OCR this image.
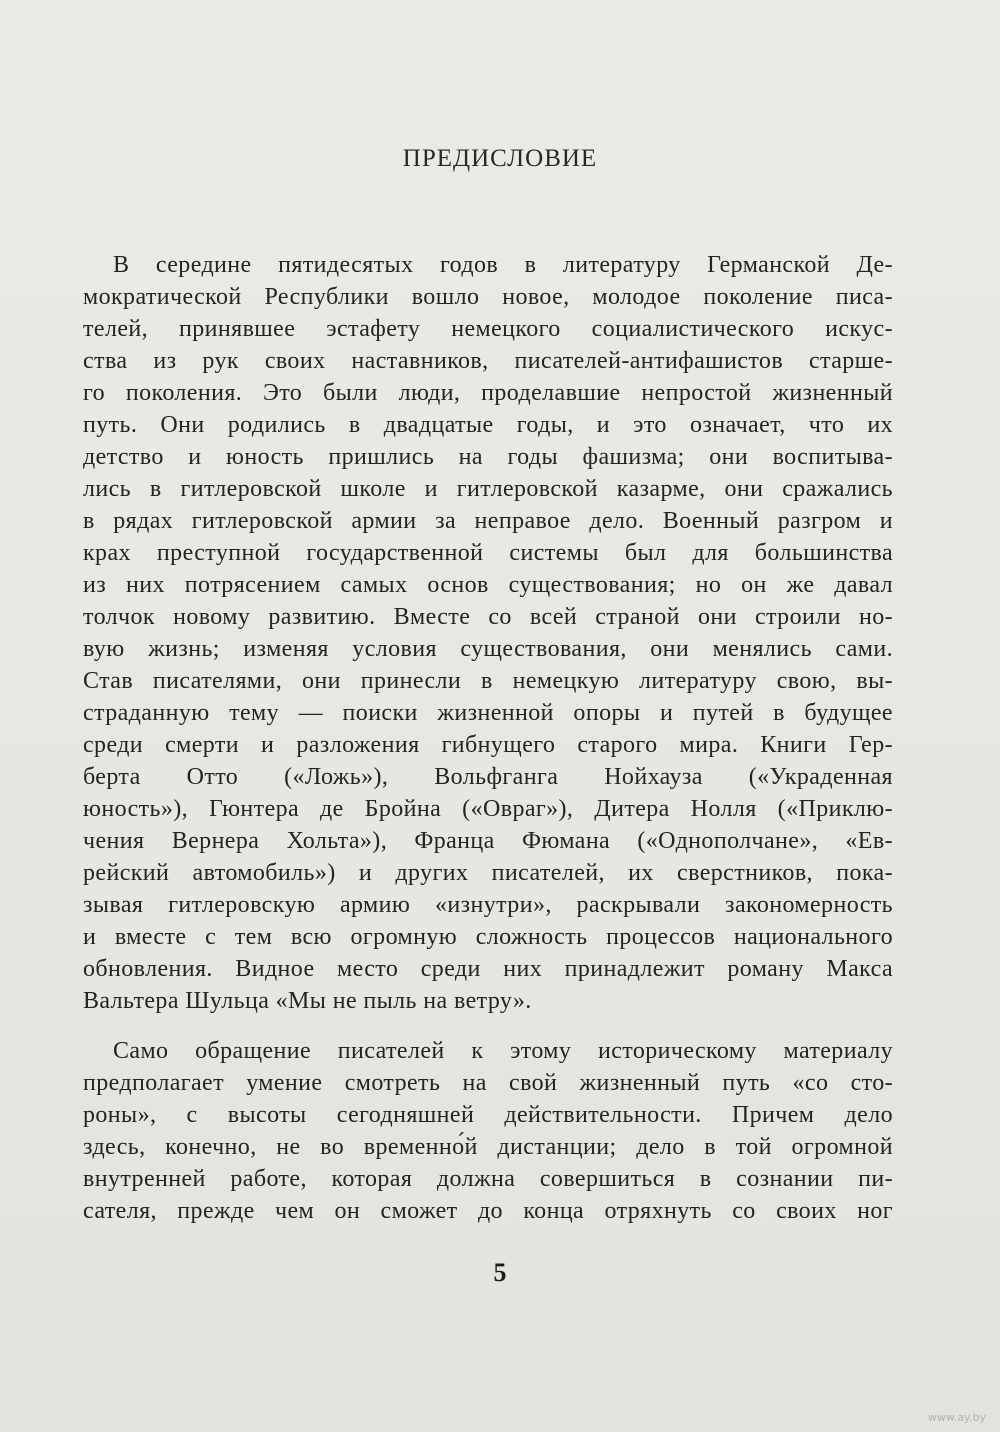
ПРЕДИСЛОВИЕ
В середине пятидесятых годов в литературу Германской Де-
мократической Республики вошло новое, молодое поколение писа-
телей, принявшее эстафету немецкого социалистического искус-
ства из рук своих наставников, писателей-антифашистов старше-
го поколения. Это были люди, проделавшие непростой жизненный
путь. Они родились в двадцатые годы, и это означает, что их
детство и юность пришлись на годы фашизма; они воспитыва-
лись в гитлеровской школе и гитлеровской казарме, они сражались
в рядах гитлеровской армии за неправое дело. Военный разгром и
крах преступной государственной системы был для большинства
из них потрясением самых основ существования; но он же давал
толчок новому развитию. Вместе со всей страной они строили но-
вую жизнь; изменяя условия существования, они менялись сами.
Став писателями, они принесли в немецкую литературу свою, вы-
страданную тему — поиски жизненной опоры и путей в будущее
среди смерти и разложения гибнущего старого мира. Книги Гер-
берта Отто («Ложь»), Вольфганга Нойхауза («Украденная
юность»), Гюнтера де Бройна («Овраг»), Дитера Нолля («Приклю-
чения Вернера Хольта»), Франца Фюмана («Однополчане», «Ев-
рейский автомобиль») и других писателей, их сверстников, пока-
зывая гитлеровскую армию «изнутри», раскрывали закономерность
и вместе с тем всю огромную сложность процессов национального
обновления. Видное место среди них принадлежит роману Макса
Вальтера Шульца «Мы не пыль на ветру».
Само обращение писателей к этому историческому материалу
предполагает умение смотреть на свой жизненный путь «со сто-
роны», с высоты сегодняшней действительности. Причем дело
здесь, конечно, не во временно́й дистанции; дело в той огромной
внутренней работе, которая должна совершиться в сознании пи-
сателя, прежде чем он сможет до конца отряхнуть со своих ног
5
www.ay.by
